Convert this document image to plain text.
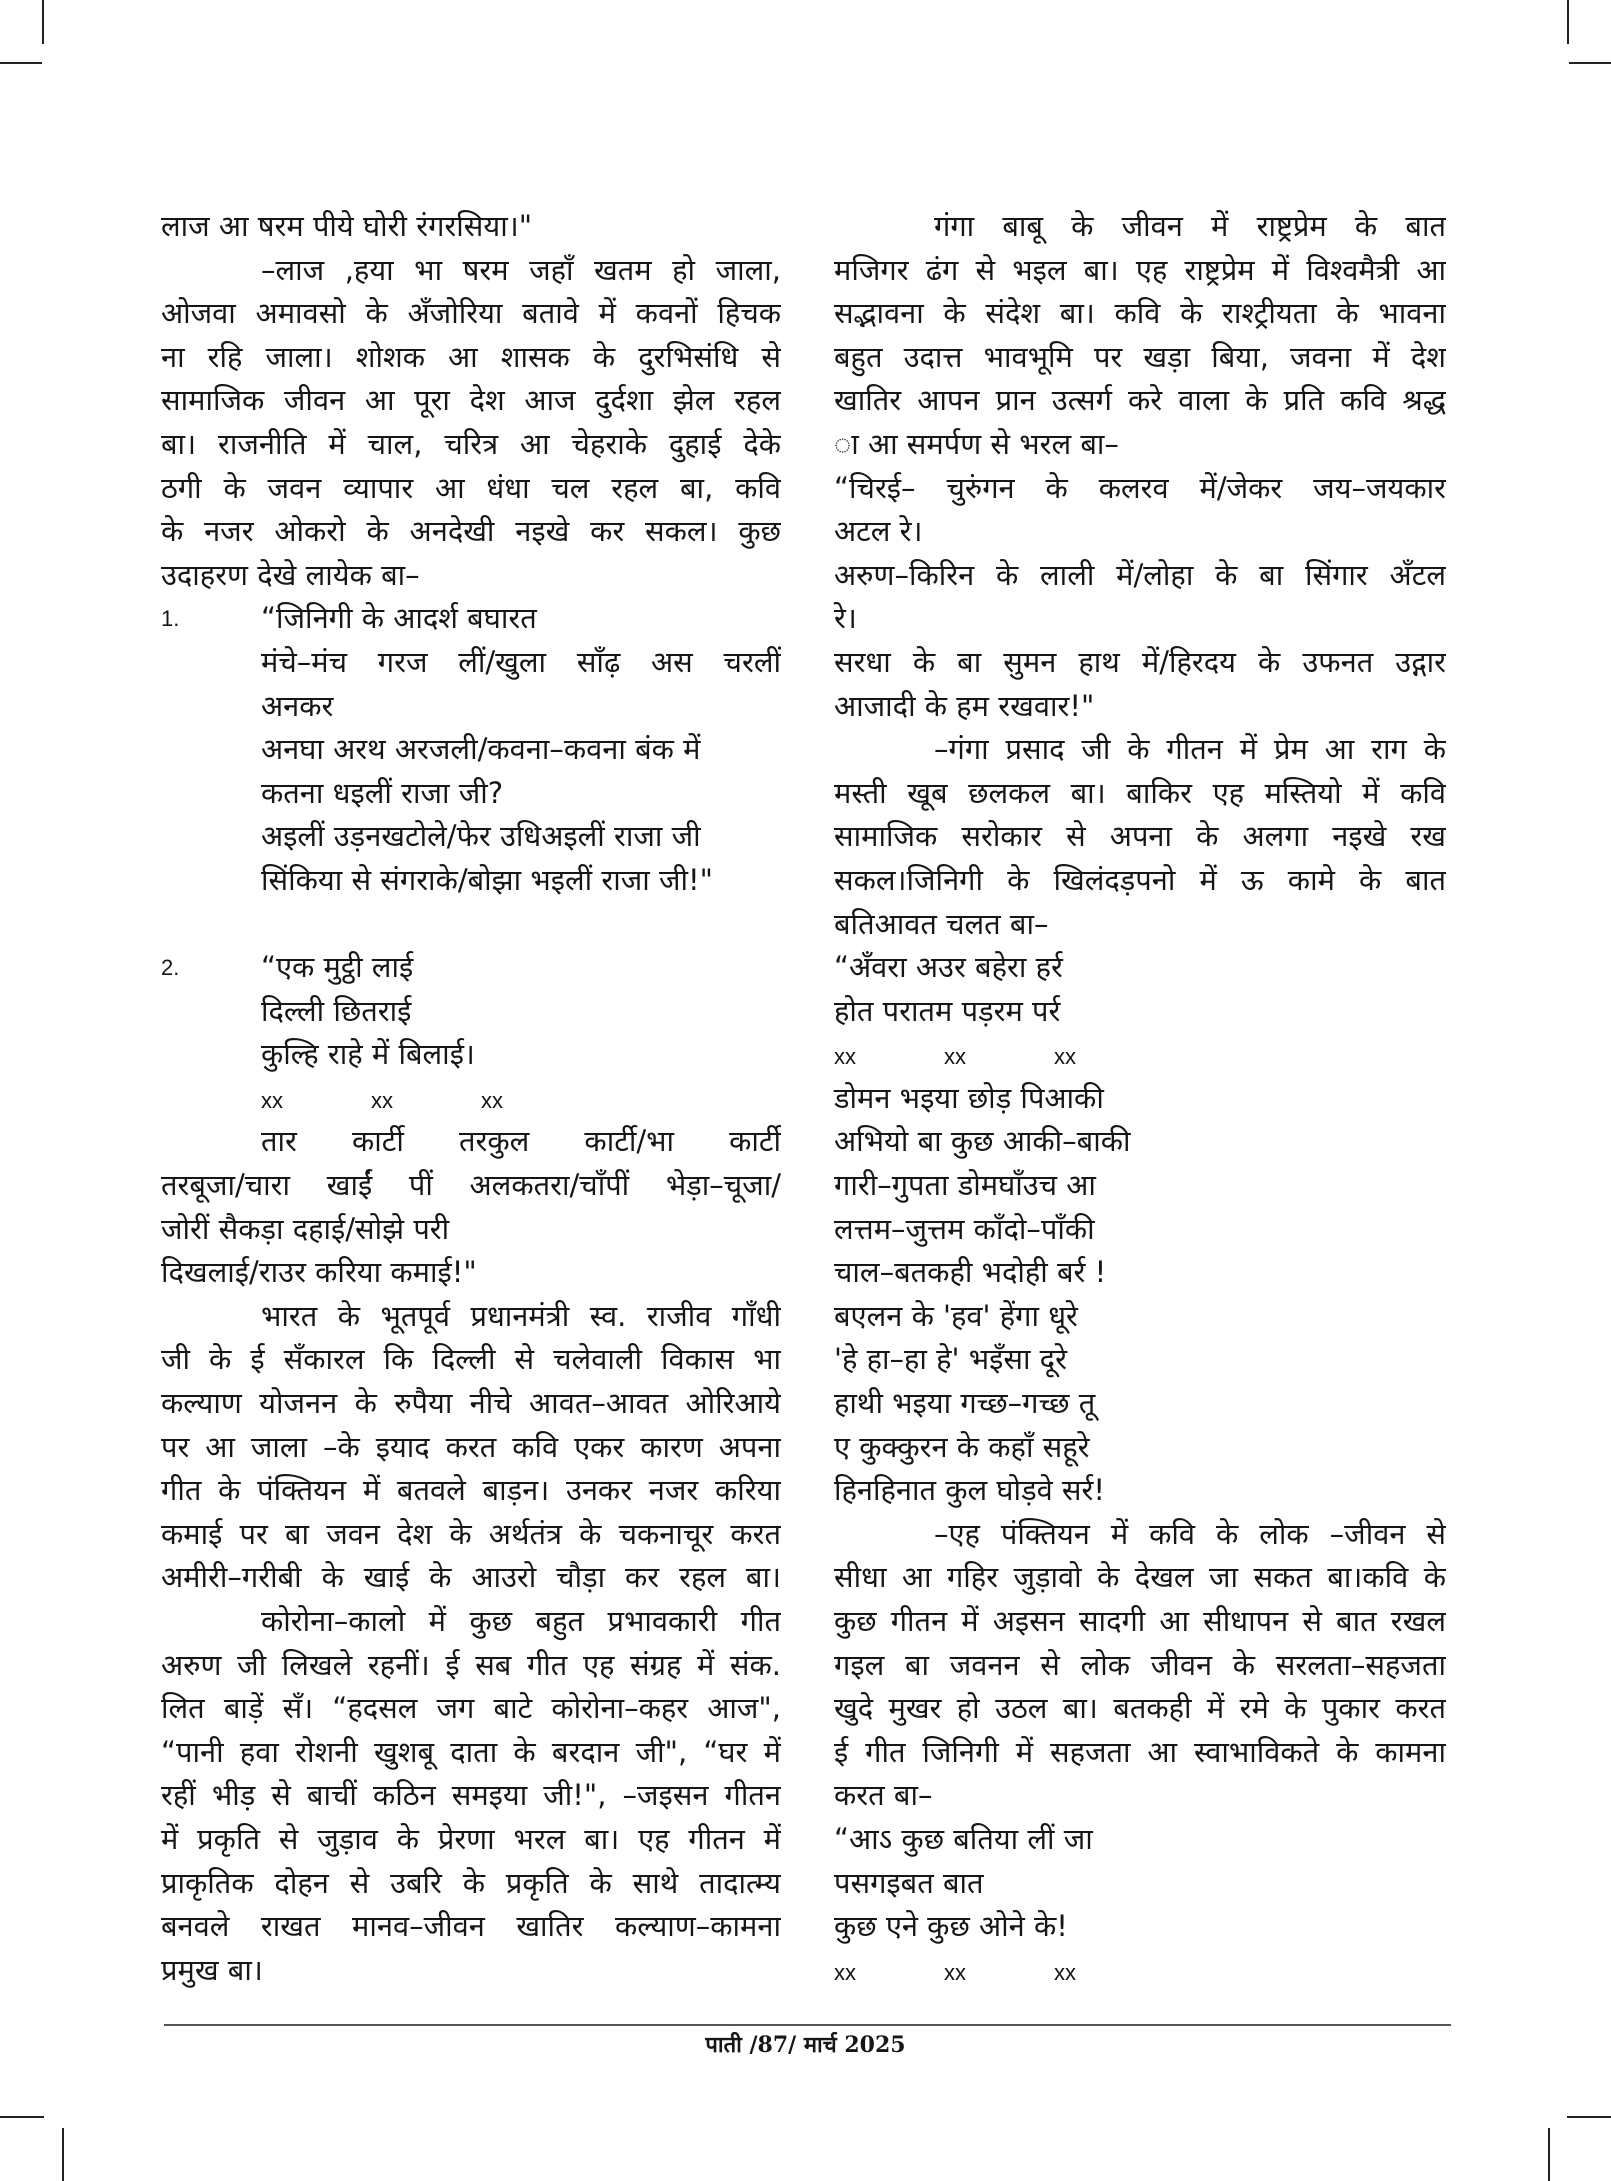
लाज आ षरम पीये घोरी रंगरसिया।"
–लाज ,हया भा षरम जहाँ खतम हो जाला,
ओजवा अमावसो के अँजोरिया बतावे में कवनों हिचक
ना रहि जाला। शोशक आ शासक के दुरभिसंधि से
सामाजिक जीवन आ पूरा देश आज दुर्दशा झेल रहल
बा। राजनीति में चाल, चरित्र आ चेहराके दुहाई देके
ठगी के जवन व्यापार आ धंधा चल रहल बा, कवि
के नजर ओकरो के अनदेखी नइखे कर सकल। कुछ
उदाहरण देखे लायेक बा–
1.	“जिनिगी के आदर्श बघारत
मंचे–मंच गरज लीं/खुला साँढ़ अस चरलीं
अनकर
अनघा अरथ अरजली/कवना–कवना बंक में
कतना धइलीं राजा जी?
अइलीं उड़नखटोले/फेर उधिअइलीं राजा जी
सिंकिया से संगराके/बोझा भइलीं राजा जी!"
2.	“एक मुट्ठी लाई
दिल्ली छितराई
कुल्हि राहे में बिलाई।
xx	xx	xx
तार कार्टी तरकुल कार्टी/भा कार्टी
तरबूजा/चारा खाईं पीं अलकतरा/चाँपीं भेड़ा–चूजा/
जोरीं सैकड़ा दहाई/सोझे परी
दिखलाई/राउर करिया कमाई!"
भारत के भूतपूर्व प्रधानमंत्री स्व. राजीव गाँधी
जी के ई सँकारल कि दिल्ली से चलेवाली विकास भा
कल्याण योजनन के रुपैया नीचे आवत–आवत ओरिआये
पर आ जाला –के इयाद करत कवि एकर कारण अपना
गीत के पंक्तियन में बतवले बाड़न। उनकर नजर करिया
कमाई पर बा जवन देश के अर्थतंत्र के चकनाचूर करत
अमीरी–गरीबी के खाई के आउरो चौड़ा कर रहल बा।
कोरोना–कालो में कुछ बहुत प्रभावकारी गीत
अरुण जी लिखले रहनीं। ई सब गीत एह संग्रह में संक.
लित बाड़ें सँ। “हदसल जग बाटे कोरोना–कहर आज",
“पानी हवा रोशनी खुशबू दाता के बरदान जी", “घर में
रहीं भीड़ से बाचीं कठिन समइया जी!", –जइसन गीतन
में प्रकृति से जुड़ाव के प्रेरणा भरल बा। एह गीतन में
प्राकृतिक दोहन से उबरि के प्रकृति के साथे तादात्म्य
बनवले राखत मानव–जीवन खातिर कल्याण–कामना
प्रमुख बा।
गंगा बाबू के जीवन में राष्ट्रप्रेम के बात
मजिगर ढंग से भइल बा। एह राष्ट्रप्रेम में विश्वमैत्री आ
सद्भावना के संदेश बा। कवि के राश्ट्रीयता के भावना
बहुत उदात्त भावभूमि पर खड़ा बिया, जवना में देश
खातिर आपन प्रान उत्सर्ग करे वाला के प्रति कवि श्रद्ध
ा आ समर्पण से भरल बा–
“चिरई– चुरुंगन के कलरव में/जेकर जय–जयकार
अटल रे।
अरुण–किरिन के लाली में/लोहा के बा सिंगार अँटल
रे।
सरधा के बा सुमन हाथ में/हिरदय के उफनत उद्गार
आजादी के हम रखवार!"
–गंगा प्रसाद जी के गीतन में प्रेम आ राग के
मस्ती खूब छलकल बा। बाकिर एह मस्तियो में कवि
सामाजिक सरोकार से अपना के अलगा नइखे रख
सकल।जिनिगी के खिलंदड़पनो में ऊ कामे के बात
बतिआवत चलत बा–
“अँवरा अउर बहेरा हर्र
होत परातम पड़रम पर्र
xx	xx	xx
डोमन भइया छोड़ पिआकी
अभियो बा कुछ आकी–बाकी
गारी–गुपता डोमघाँउच आ
लत्तम–जुत्तम काँदो–पाँकी
चाल–बतकही भदोही बर्र !
बएलन के 'हव' हेंगा धूरे
'हे हा–हा हे' भइँसा दूरे
हाथी भइया गच्छ–गच्छ तू
ए कुक्कुरन के कहाँ सहूरे
हिनहिनात कुल घोड़वे सर्र!
–एह पंक्तियन में कवि के लोक –जीवन से
सीधा आ गहिर जुड़ावो के देखल जा सकत बा।कवि के
कुछ गीतन में अइसन सादगी आ सीधापन से बात रखल
गइल बा जवनन से लोक जीवन के सरलता–सहजता
खुदे मुखर हो उठल बा। बतकही में रमे के पुकार करत
ई गीत जिनिगी में सहजता आ स्वाभाविकते के कामना
करत बा–
“आऽ कुछ बतिया लीं जा
पसगइबत बात
कुछ एने कुछ ओने के!
xx	xx	xx
पाती /87/ मार्च 2025
